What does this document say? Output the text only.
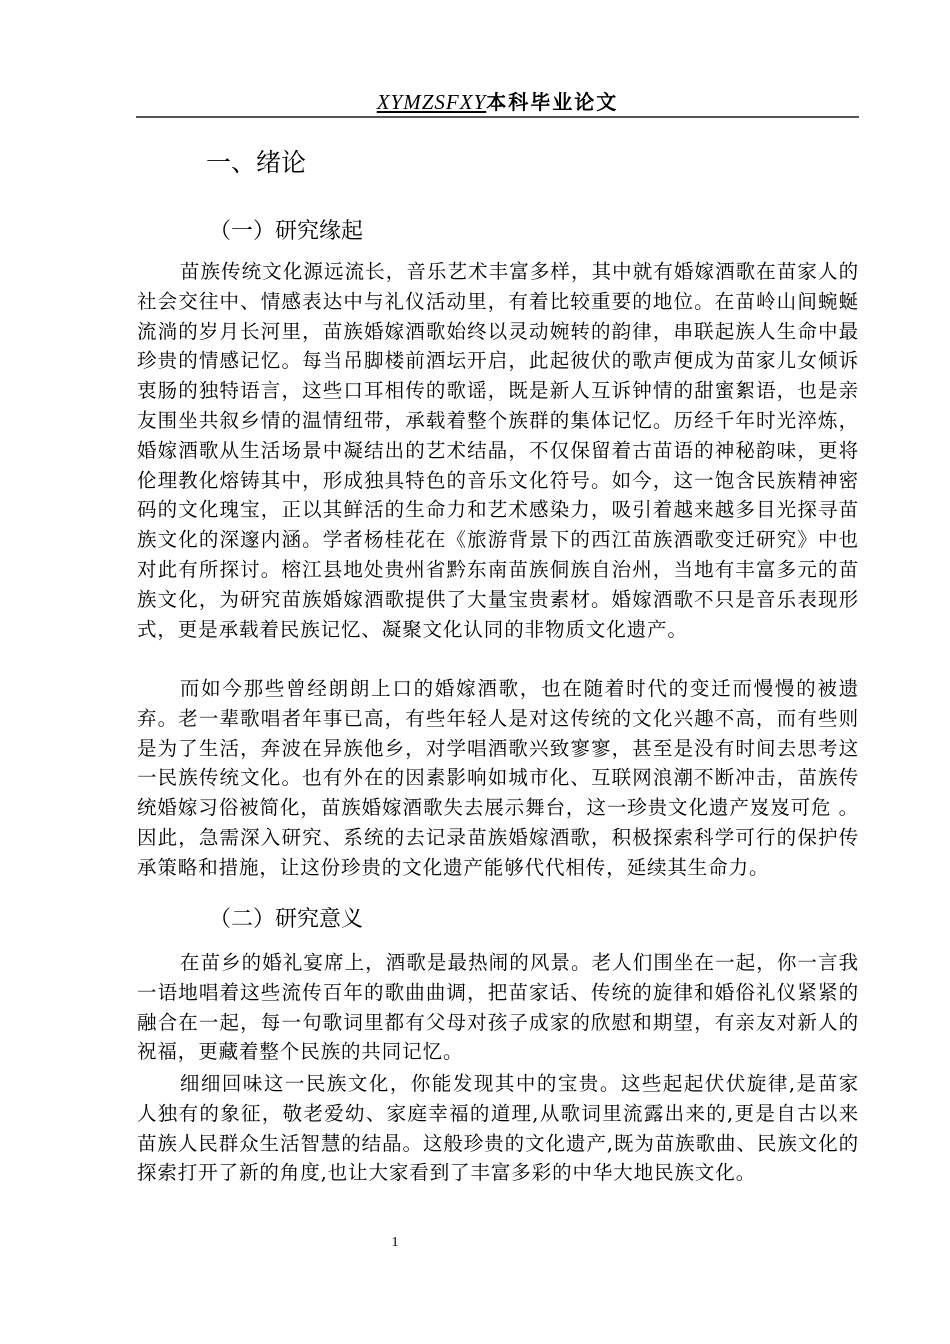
XYMZSFXY本科毕业论文
一、绪论
（一）研究缘起

苗族传统文化源远流长，音乐艺术丰富多样，其中就有婚嫁酒歌在苗家人的社会交往中、情感表达中与礼仪活动里，有着比较重要的地位。在苗岭山间蜿蜒流淌的岁月长河里，苗族婚嫁酒歌始终以灵动婉转的韵律，串联起族人生命中最珍贵的情感记忆。每当吊脚楼前酒坛开启，此起彼伏的歌声便成为苗家儿女倾诉衷肠的独特语言，这些口耳相传的歌谣，既是新人互诉钟情的甜蜜絮语，也是亲友围坐共叙乡情的温情纽带，承载着整个族群的集体记忆。历经千年时光淬炼，婚嫁酒歌从生活场景中凝结出的艺术结晶，不仅保留着古苗语的神秘韵味，更将伦理教化熔铸其中，形成独具特色的音乐文化符号。如今，这一饱含民族精神密码的文化瑰宝，正以其鲜活的生命力和艺术感染力，吸引着越来越多目光探寻苗族文化的深邃内涵。学者杨桂花在《旅游背景下的西江苗族酒歌变迁研究》中也对此有所探讨。榕江县地处贵州省黔东南苗族侗族自治州，当地有丰富多元的苗族文化，为研究苗族婚嫁酒歌提供了大量宝贵素材。婚嫁酒歌不只是音乐表现形式，更是承载着民族记忆、凝聚文化认同的非物质文化遗产。

而如今那些曾经朗朗上口的婚嫁酒歌，也在随着时代的变迁而慢慢的被遗弃。老一辈歌唱者年事已高，有些年轻人是对这传统的文化兴趣不高，而有些则是为了生活，奔波在异族他乡，对学唱酒歌兴致寥寥，甚至是没有时间去思考这一民族传统文化。也有外在的因素影响如城市化、互联网浪潮不断冲击，苗族传统婚嫁习俗被简化，苗族婚嫁酒歌失去展示舞台，这一珍贵文化遗产岌岌可危 。因此，急需深入研究、系统的去记录苗族婚嫁酒歌，积极探索科学可行的保护传承策略和措施，让这份珍贵的文化遗产能够代代相传，延续其生命力。

（二）研究意义

在苗乡的婚礼宴席上，酒歌是最热闹的风景。老人们围坐在一起，你一言我一语地唱着这些流传百年的歌曲曲调，把苗家话、传统的旋律和婚俗礼仪紧紧的融合在一起，每一句歌词里都有父母对孩子成家的欣慰和期望，有亲友对新人的祝福，更藏着整个民族的共同记忆。

细细回味这一民族文化，你能发现其中的宝贵。这些起起伏伏旋律,是苗家人独有的象征，敬老爱幼、家庭幸福的道理,从歌词里流露出来的,更是自古以来苗族人民群众生活智慧的结晶。这般珍贵的文化遗产,既为苗族歌曲、民族文化的探索打开了新的角度,也让大家看到了丰富多彩的中华大地民族文化。

1
